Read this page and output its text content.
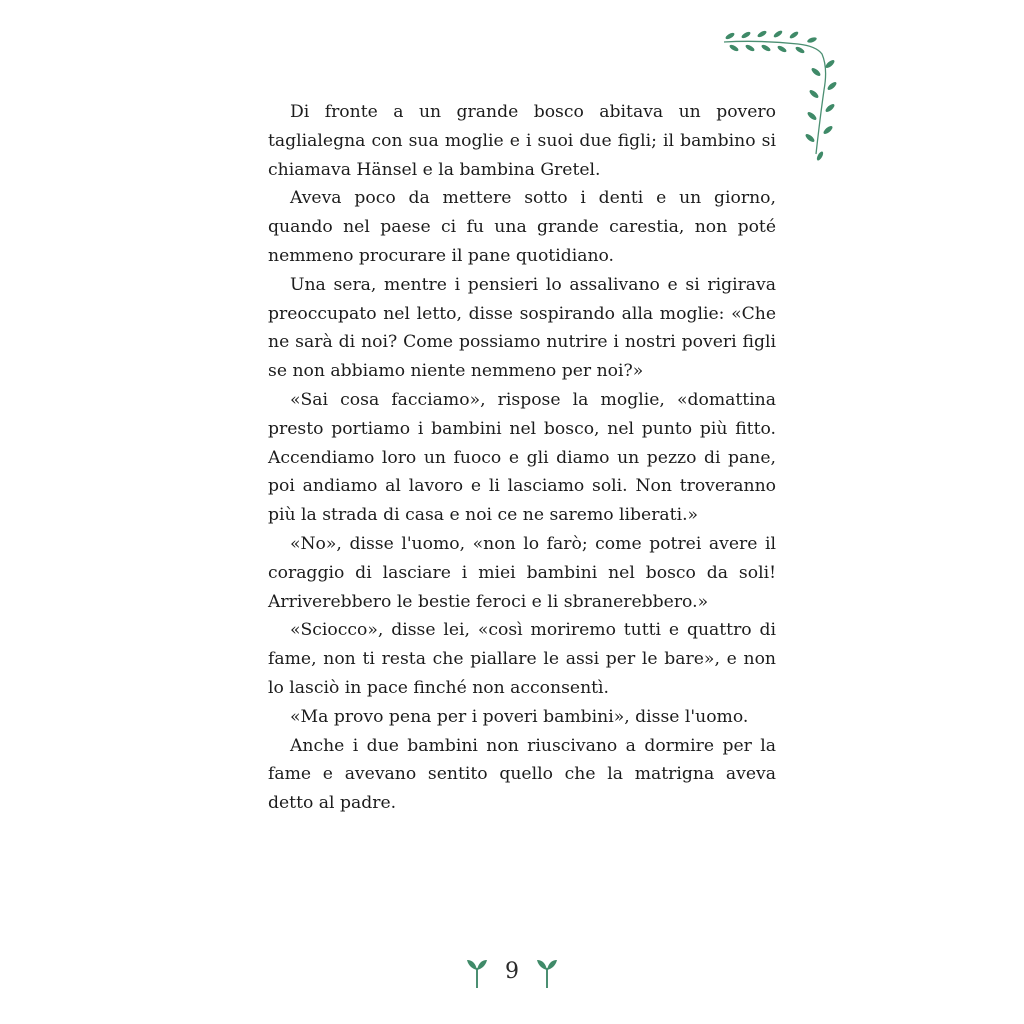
Di fronte a un grande bosco abitava un povero taglialegna con sua moglie e i suoi due figli; il bambino si chiamava Hänsel e la bambina Gretel.

Aveva poco da mettere sotto i denti e un giorno, quando nel paese ci fu una grande carestia, non poté nemmeno procurare il pane quotidiano.

Una sera, mentre i pensieri lo assalivano e si rigirava preoccupato nel letto, disse sospirando alla moglie: «Che ne sarà di noi? Come possiamo nutrire i nostri poveri figli se non abbiamo niente nemmeno per noi?»

«Sai cosa facciamo», rispose la moglie, «domattina presto portiamo i bambini nel bosco, nel punto più fitto. Accendiamo loro un fuoco e gli diamo un pezzo di pane, poi andiamo al lavoro e li lasciamo soli. Non troveranno più la strada di casa e noi ce ne saremo liberati.»

«No», disse l'uomo, «non lo farò; come potrei avere il coraggio di lasciare i miei bambini nel bosco da soli! Arriverebbero le bestie feroci e li sbranerebbero.»

«Sciocco», disse lei, «così moriremo tutti e quattro di fame, non ti resta che piallare le assi per le bare», e non lo lasciò in pace finché non acconsentì.

«Ma provo pena per i poveri bambini», disse l'uomo.

Anche i due bambini non riuscivano a dormire per la fame e avevano sentito quello che la matrigna aveva detto al padre.

9
